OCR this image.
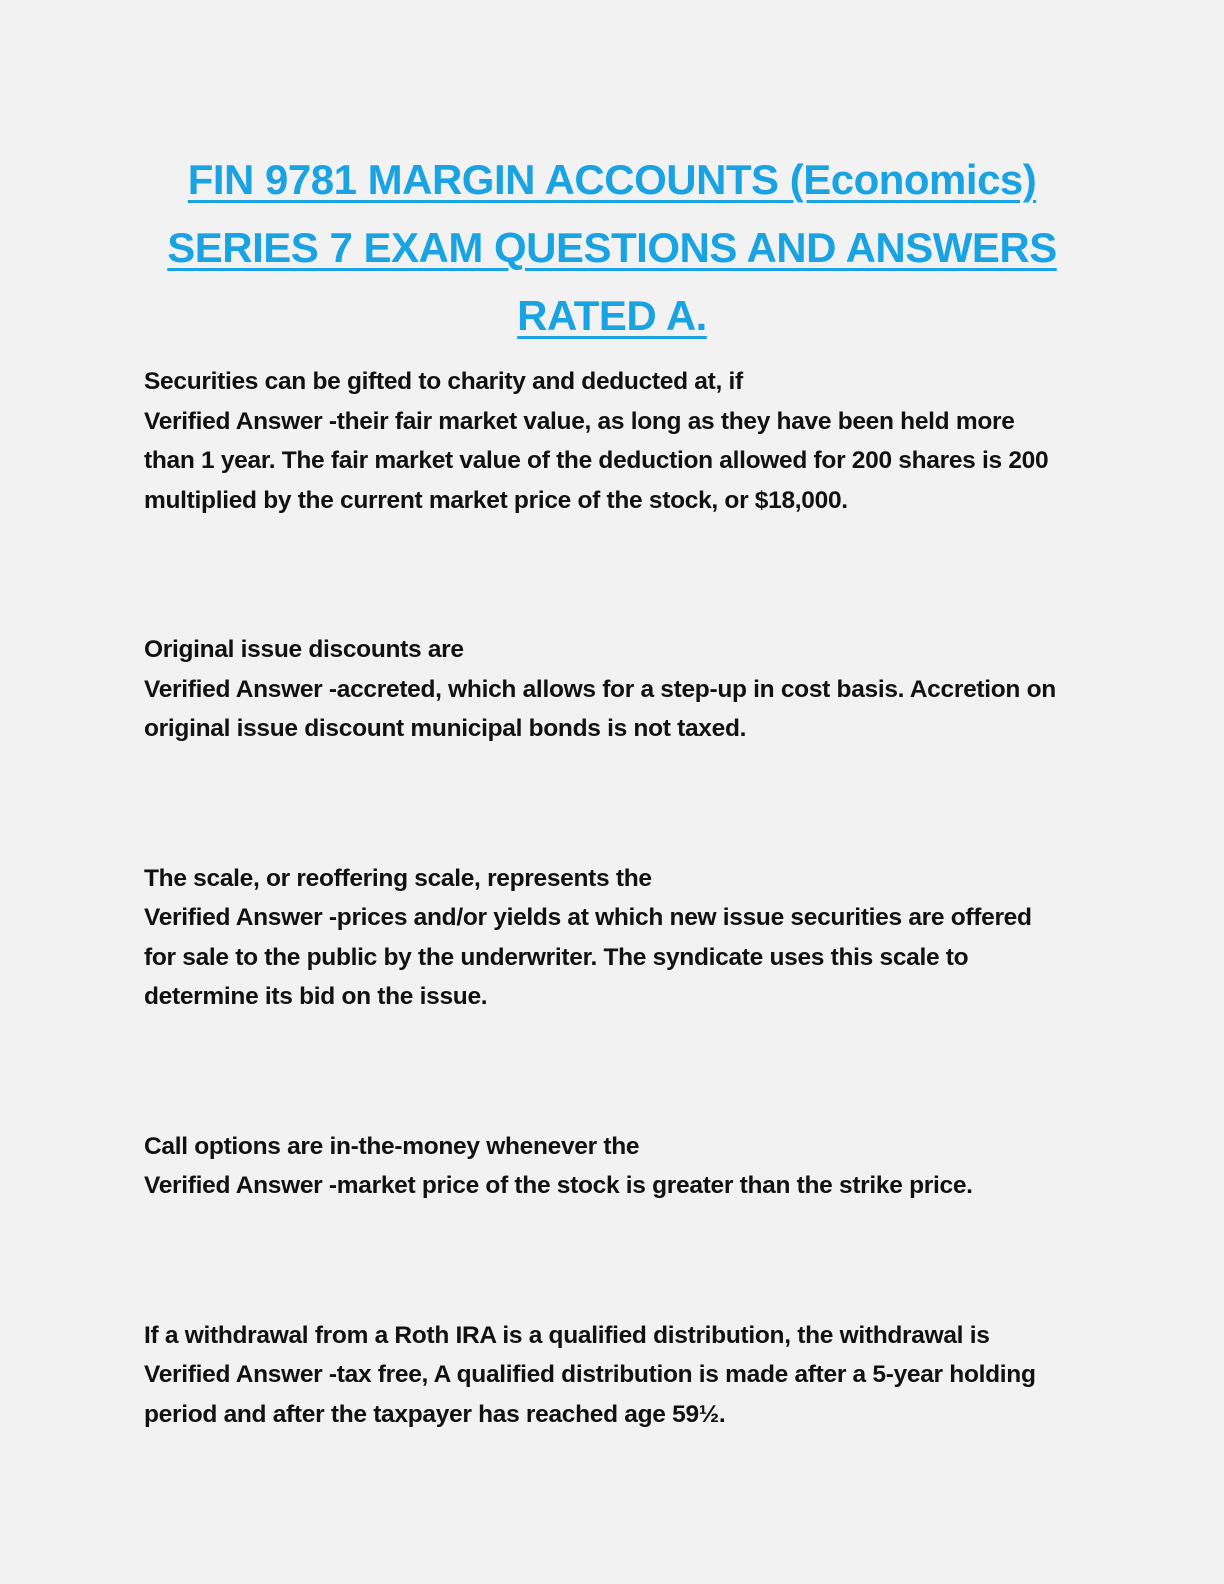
FIN 9781 MARGIN ACCOUNTS (Economics)
SERIES 7 EXAM QUESTIONS AND ANSWERS
RATED A.

Securities can be gifted to charity and deducted at, if

Verified Answer -their fair market value, as long as they have been held more than 1 year. The fair market value of the deduction allowed for 200 shares is 200 multiplied by the current market price of the stock, or $18,000.

Original issue discounts are

Verified Answer -accreted, which allows for a step-up in cost basis. Accretion on original issue discount municipal bonds is not taxed.

The scale, or reoffering scale, represents the

Verified Answer -prices and/or yields at which new issue securities are offered for sale to the public by the underwriter. The syndicate uses this scale to determine its bid on the issue.

Call options are in-the-money whenever the

Verified Answer -market price of the stock is greater than the strike price.

If a withdrawal from a Roth IRA is a qualified distribution, the withdrawal is

Verified Answer -tax free, A qualified distribution is made after a 5-year holding period and after the taxpayer has reached age 59½.
